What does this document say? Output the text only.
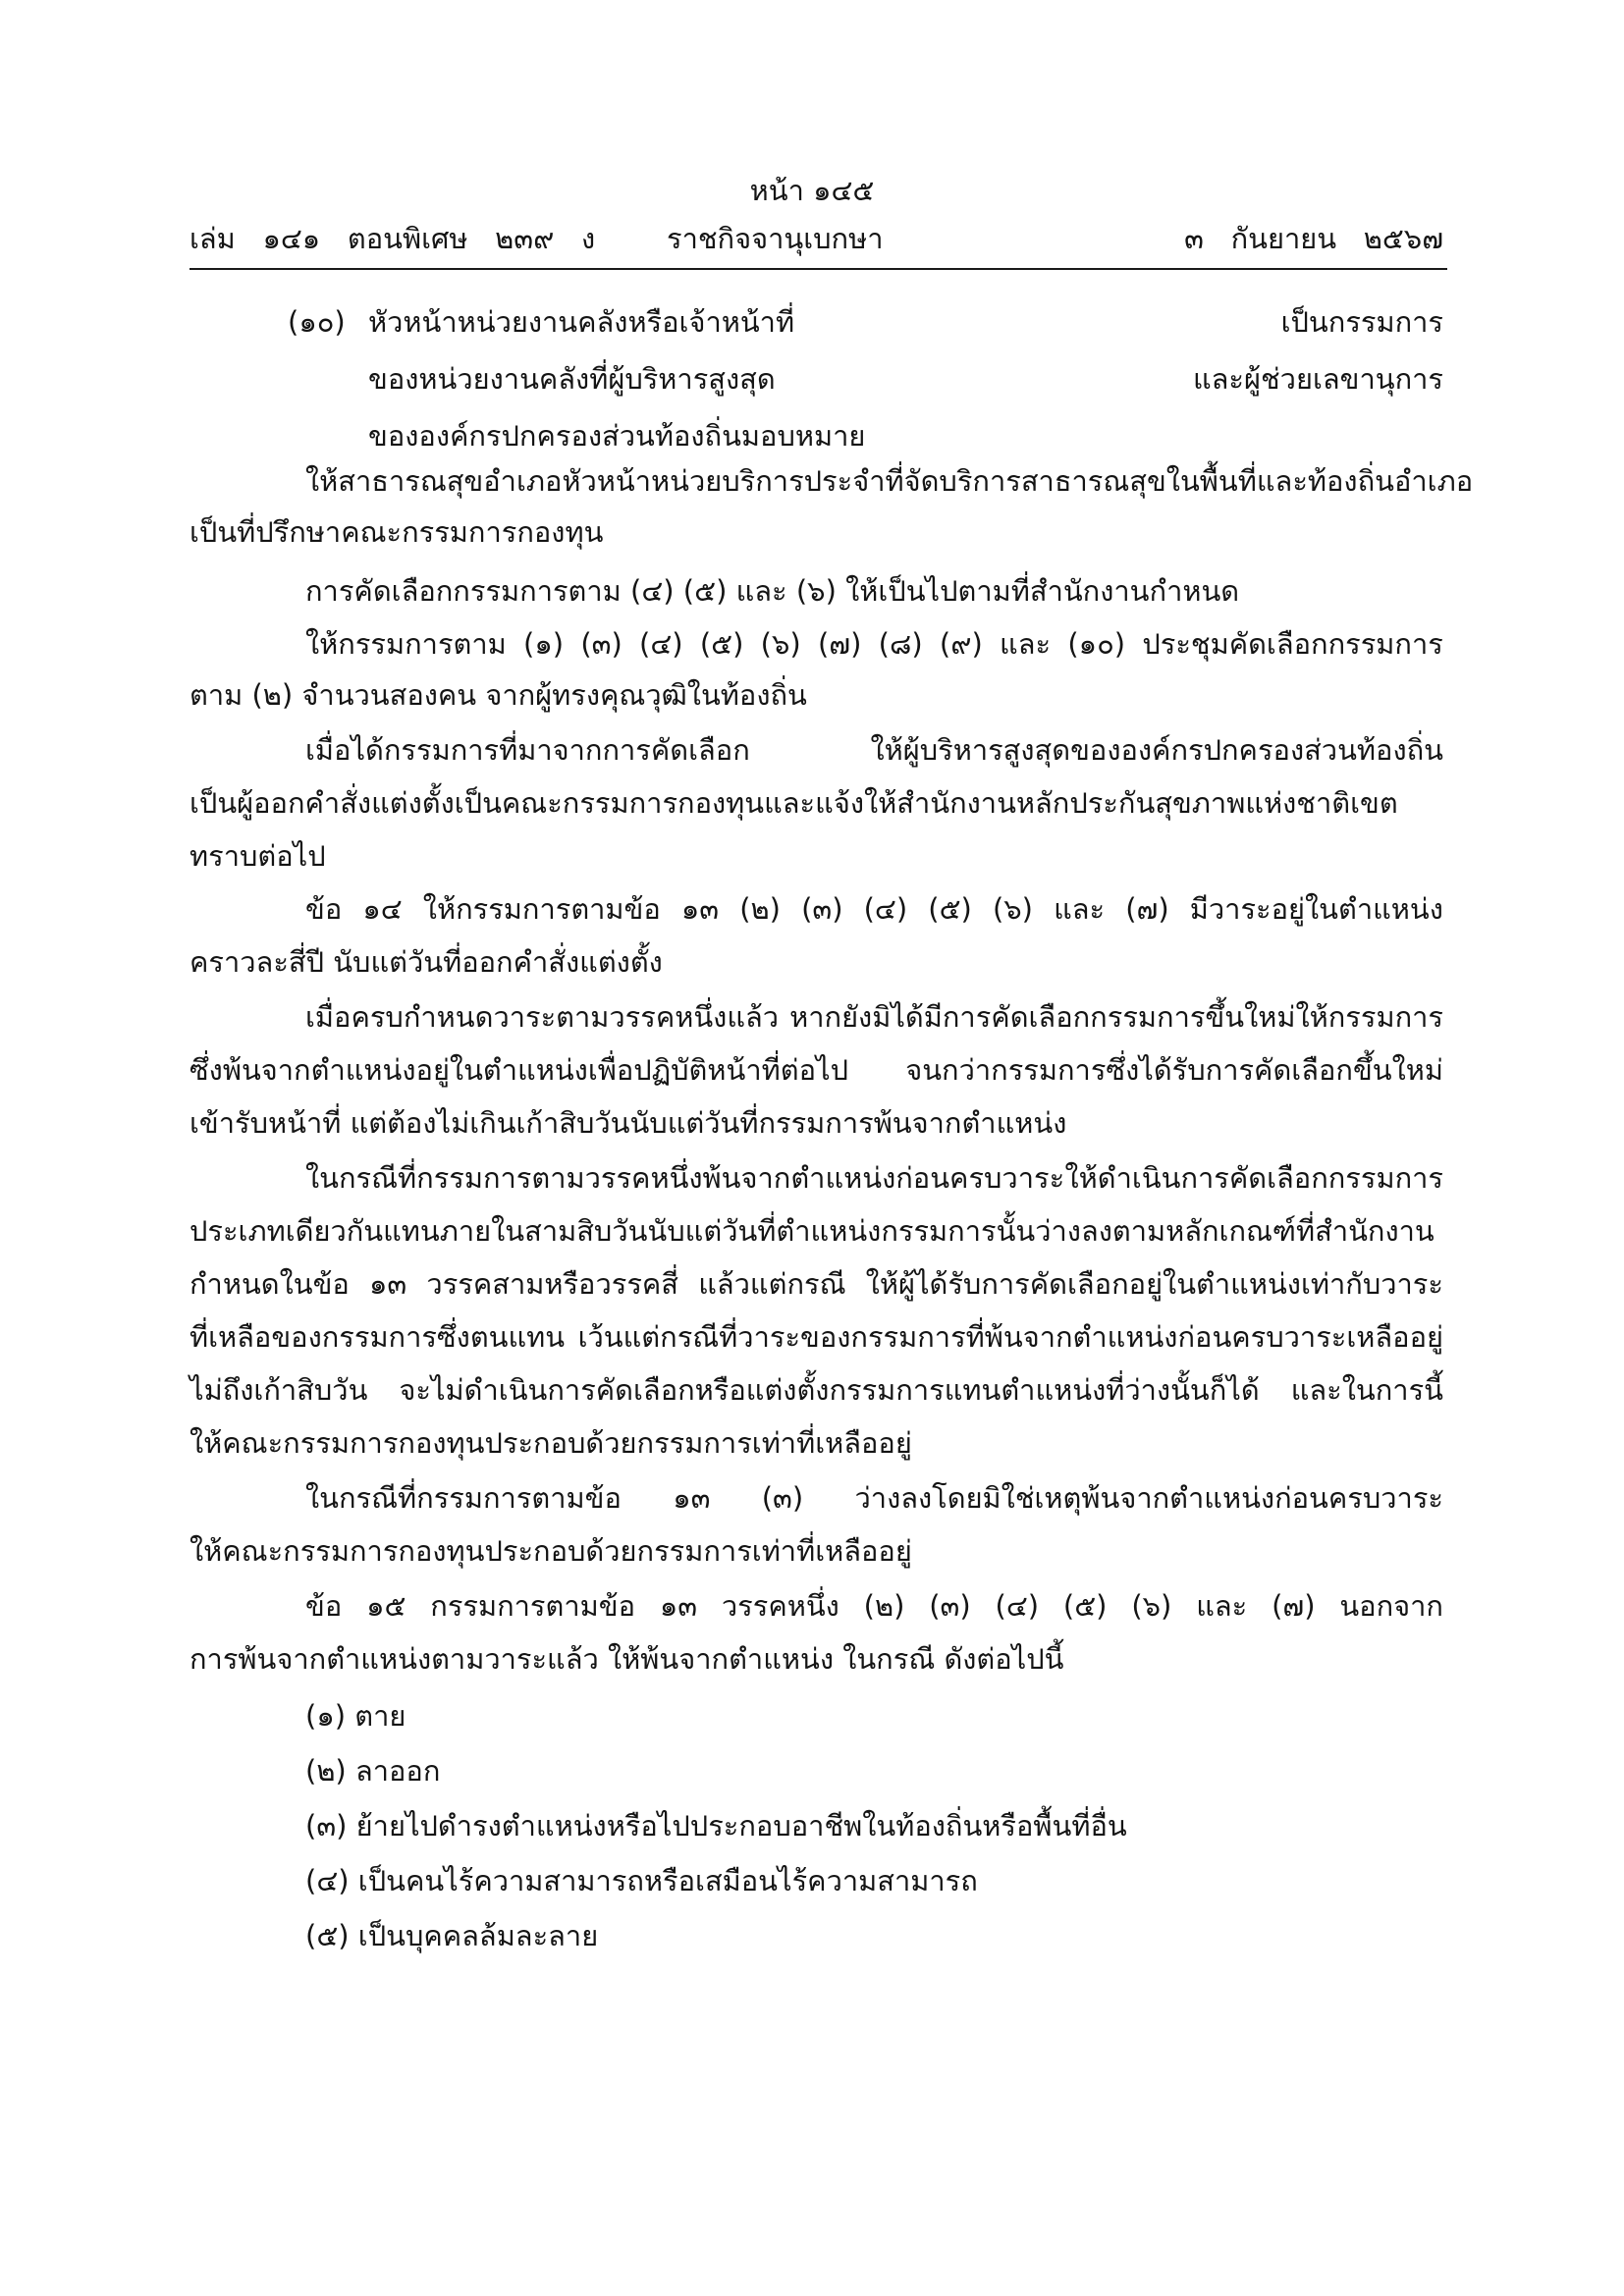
หน้า ๑๔๕
เล่ม   ๑๔๑   ตอนพิเศษ   ๒๓๙   ง	ราชกิจจานุเบกษา	๓   กันยายน   ๒๕๖๗
(๑๐) หัวหน้าหน่วยงานคลังหรือเจ้าหน้าที่
ของหน่วยงานคลังที่ผู้บริหารสูงสุด
ขององค์กรปกครองส่วนท้องถิ่นมอบหมาย
เป็นกรรมการ
และผู้ช่วยเลขานุการ
ให้สาธารณสุขอำเภอ หัวหน้าหน่วยบริการประจำที่จัดบริการสาธารณสุขในพื้นที่ และท้องถิ่นอำเภอ
เป็นที่ปรึกษาคณะกรรมการกองทุน
การคัดเลือกกรรมการตาม (๔) (๕) และ (๖) ให้เป็นไปตามที่สำนักงานกำหนด
ให้กรรมการตาม (๑) (๓) (๔) (๕) (๖) (๗) (๘) (๙) และ (๑๐) ประชุมคัดเลือกกรรมการ
ตาม (๒) จำนวนสองคน จากผู้ทรงคุณวุฒิในท้องถิ่น
เมื่อได้กรรมการที่มาจากการคัดเลือก	ให้ผู้บริหารสูงสุดขององค์กรปกครองส่วนท้องถิ่น
เป็นผู้ออกคำสั่งแต่งตั้งเป็นคณะกรรมการกองทุนและแจ้งให้สำนักงานหลักประกันสุขภาพแห่งชาติเขต
ทราบต่อไป
ข้อ ๑๔ ให้กรรมการตามข้อ ๑๓ (๒) (๓) (๔) (๕) (๖) และ (๗) มีวาระอยู่ในตำแหน่ง
คราวละสี่ปี นับแต่วันที่ออกคำสั่งแต่งตั้ง
เมื่อครบกำหนดวาระตามวรรคหนึ่งแล้ว หากยังมิได้มีการคัดเลือกกรรมการขึ้นใหม่ให้กรรมการ
ซึ่งพ้นจากตำแหน่งอยู่ในตำแหน่งเพื่อปฏิบัติหน้าที่ต่อไป จนกว่ากรรมการซึ่งได้รับการคัดเลือกขึ้นใหม่
เข้ารับหน้าที่ แต่ต้องไม่เกินเก้าสิบวันนับแต่วันที่กรรมการพ้นจากตำแหน่ง
ในกรณีที่กรรมการตามวรรคหนึ่งพ้นจากตำแหน่งก่อนครบวาระ ให้ดำเนินการคัดเลือกกรรมการ
ประเภทเดียวกันแทนภายในสามสิบวันนับแต่วันที่ตำแหน่งกรรมการนั้นว่างลงตามหลักเกณฑ์ที่สำนักงาน
กำหนดในข้อ ๑๓ วรรคสามหรือวรรคสี่ แล้วแต่กรณี ให้ผู้ได้รับการคัดเลือกอยู่ในตำแหน่งเท่ากับวาระ
ที่เหลือของกรรมการซึ่งตนแทน เว้นแต่กรณีที่วาระของกรรมการที่พ้นจากตำแหน่งก่อนครบวาระเหลืออยู่
ไม่ถึงเก้าสิบวัน จะไม่ดำเนินการคัดเลือกหรือแต่งตั้งกรรมการแทนตำแหน่งที่ว่างนั้นก็ได้ และในการนี้
ให้คณะกรรมการกองทุนประกอบด้วยกรรมการเท่าที่เหลืออยู่
ในกรณีที่กรรมการตามข้อ ๑๓ (๓) ว่างลงโดยมิใช่เหตุพ้นจากตำแหน่งก่อนครบวาระ
ให้คณะกรรมการกองทุนประกอบด้วยกรรมการเท่าที่เหลืออยู่
ข้อ ๑๕ กรรมการตามข้อ ๑๓ วรรคหนึ่ง (๒) (๓) (๔) (๕) (๖) และ (๗) นอกจาก
การพ้นจากตำแหน่งตามวาระแล้ว ให้พ้นจากตำแหน่ง ในกรณี ดังต่อไปนี้
(๑) ตาย
(๒) ลาออก
(๓) ย้ายไปดำรงตำแหน่งหรือไปประกอบอาชีพในท้องถิ่นหรือพื้นที่อื่น
(๔) เป็นคนไร้ความสามารถหรือเสมือนไร้ความสามารถ
(๕) เป็นบุคคลล้มละลาย
